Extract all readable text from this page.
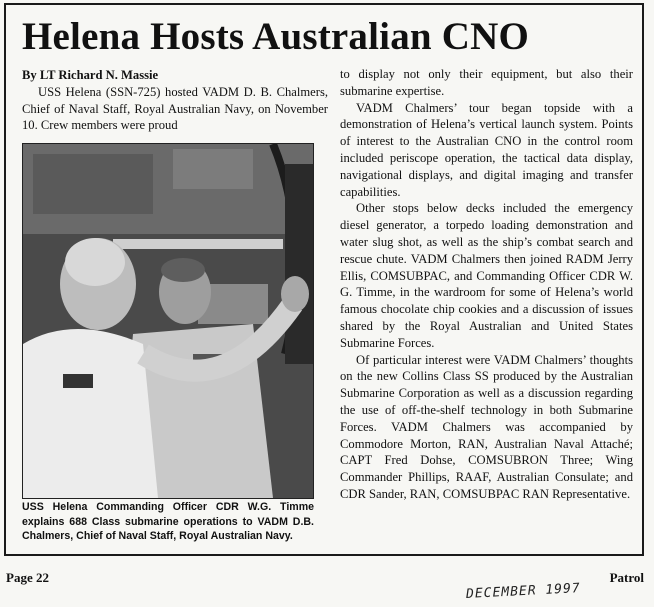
Helena Hosts Australian CNO
By LT Richard N. Massie

USS Helena (SSN-725) hosted VADM D. B. Chalmers, Chief of Naval Staff, Royal Australian Navy, on November 10. Crew members were proud

USS Helena Commanding Officer CDR W.G. Timme explains 688 Class submarine operations to VADM D.B. Chalmers, Chief of Naval Staff, Royal Australian Navy.

to display not only their equipment, but also their submarine expertise.

VADM Chalmers’ tour began topside with a demonstration of Helena’s vertical launch system. Points of interest to the Australian CNO in the control room included periscope operation, the tactical data display, navigational displays, and digital imaging and transfer capabilities.

Other stops below decks included the emergency diesel generator, a torpedo loading demonstration and water slug shot, as well as the ship’s combat search and rescue chute. VADM Chalmers then joined RADM Jerry Ellis, COMSUBPAC, and Commanding Officer CDR W. G. Timme, in the wardroom for some of Helena’s world famous chocolate chip cookies and a discussion of issues shared by the Royal Australian and United States Submarine Forces.

Of particular interest were VADM Chalmers’ thoughts on the new Collins Class SS produced by the Australian Submarine Corporation as well as a discussion regarding the use of off-the-shelf technology in both Submarine Forces. VADM Chalmers was accompanied by Commodore Morton, RAN, Australian Naval Attaché; CAPT Fred Dohse, COMSUBRON Three; Wing Commander Phillips, RAAF, Australian Consulate; and CDR Sander, RAN, COMSUBPAC RAN Representative.

Page 22	Patrol
DECEMBER 1997
